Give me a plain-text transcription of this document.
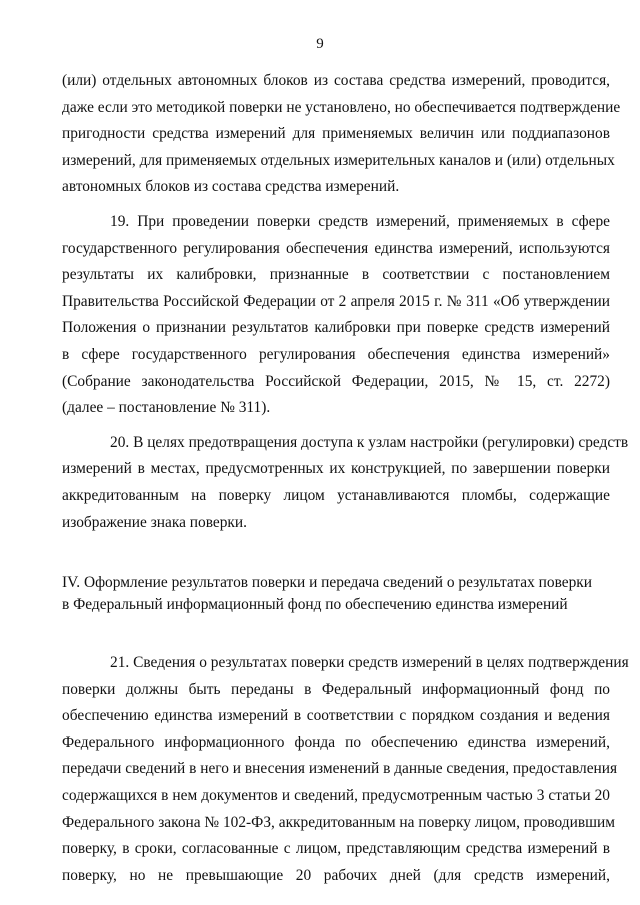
9

(или) отдельных автономных блоков из состава средства измерений, проводится,
даже если это методикой поверки не установлено, но обеспечивается подтверждение
пригодности средства измерений для применяемых величин или поддиапазонов
измерений, для применяемых отдельных измерительных каналов и (или) отдельных
автономных блоков из состава средства измерений.

19. При проведении поверки средств измерений, применяемых в сфере
государственного регулирования обеспечения единства измерений, используются
результаты их калибровки, признанные в соответствии с постановлением
Правительства Российской Федерации от 2 апреля 2015 г. № 311 «Об утверждении
Положения о признании результатов калибровки при поверке средств измерений
в сфере государственного регулирования обеспечения единства измерений»
(Собрание законодательства Российской Федерации, 2015, № 15, ст. 2272)
(далее – постановление № 311).

20. В целях предотвращения доступа к узлам настройки (регулировки) средств
измерений в местах, предусмотренных их конструкцией, по завершении поверки
аккредитованным на поверку лицом устанавливаются пломбы, содержащие
изображение знака поверки.

IV. Оформление результатов поверки и передача сведений о результатах поверки
в Федеральный информационный фонд по обеспечению единства измерений

21. Сведения о результатах поверки средств измерений в целях подтверждения
поверки должны быть переданы в Федеральный информационный фонд по
обеспечению единства измерений в соответствии с порядком создания и ведения
Федерального информационного фонда по обеспечению единства измерений,
передачи сведений в него и внесения изменений в данные сведения, предоставления
содержащихся в нем документов и сведений, предусмотренным частью 3 статьи 20
Федерального закона № 102-ФЗ, аккредитованным на поверку лицом, проводившим
поверку, в сроки, согласованные с лицом, представляющим средства измерений в
поверку, но не превышающие 20 рабочих дней (для средств измерений,
